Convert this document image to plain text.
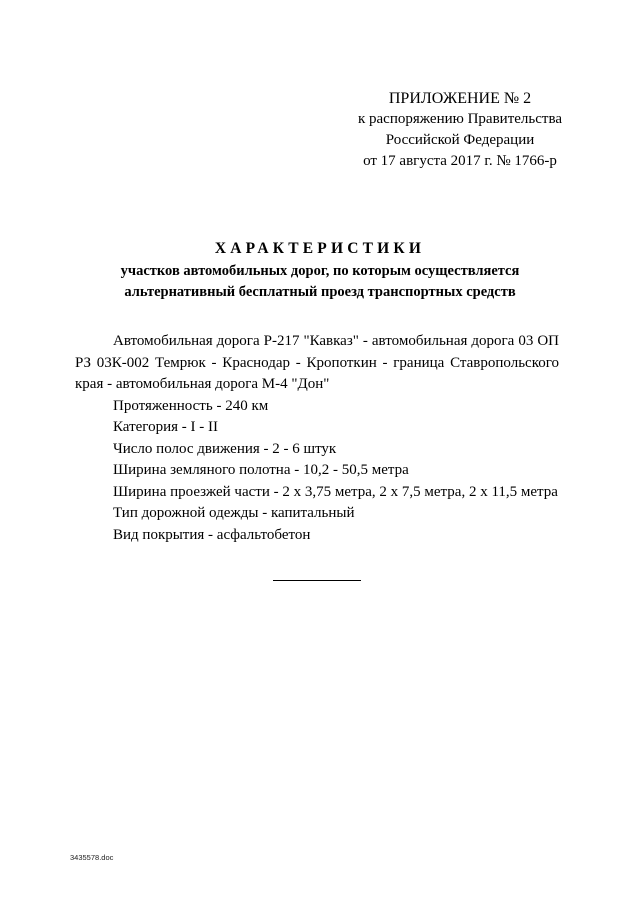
ПРИЛОЖЕНИЕ № 2
к распоряжению Правительства
Российской Федерации
от 17 августа 2017 г. № 1766-р
ХАРАКТЕРИСТИКИ
участков автомобильных дорог, по которым осуществляется
альтернативный бесплатный проезд транспортных средств

Автомобильная дорога Р-217 "Кавказ" - автомобильная дорога 03 ОП РЗ 03К-002 Темрюк - Краснодар - Кропоткин - граница Ставропольского края - автомобильная дорога М-4 "Дон"

Протяженность - 240 км

Категория - I - II

Число полос движения - 2 - 6 штук

Ширина земляного полотна - 10,2 - 50,5 метра

Ширина проезжей части - 2 х 3,75 метра, 2 х 7,5 метра, 2 х 11,5 метра

Тип дорожной одежды - капитальный

Вид покрытия - асфальтобетон

3435578.doc
